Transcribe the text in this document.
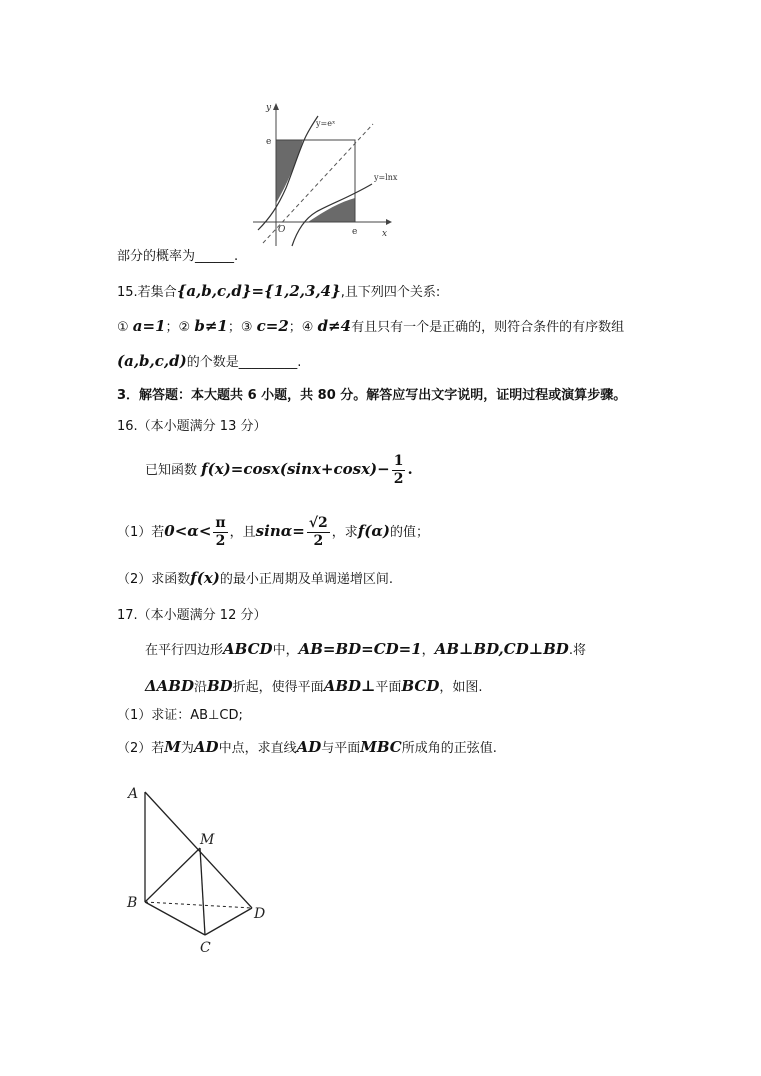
y
x
O
e
e
y=eˣ
y=lnx
部分的概率为______.
15.若集合{a,b,c,d}={1,2,3,4},且下列四个关系:
① a=1；② b≠1；③ c=2；④ d≠4有且只有一个是正确的，则符合条件的有序数组
(a,b,c,d)的个数是_________.
3．解答题：本大题共 6 小题，共 80 分。解答应写出文字说明，证明过程或演算步骤。
16.（本小题满分 13 分）
已知函数 $f(x)=\cos x(\sin x+\cos x)- \frac{1}{2}$ .
（1）若$0<\alpha< \frac{\pi}{2}$ ，且$\sin\alpha= \frac{√2}{2}$ ，求f(α)的值；
（2）求函数f(x)的最小正周期及单调递增区间.
17.（本小题满分 12 分）
在平行四边形ABCD中，AB=BD=CD=1，AB⊥BD,CD⊥BD.将
ΔABD沿BD折起，使得平面ABD⊥平面BCD，如图.
（1）求证：AB⊥CD;
（2）若M为AD中点，求直线AD与平面MBC所成角的正弦值.
A
B
C
D
M
